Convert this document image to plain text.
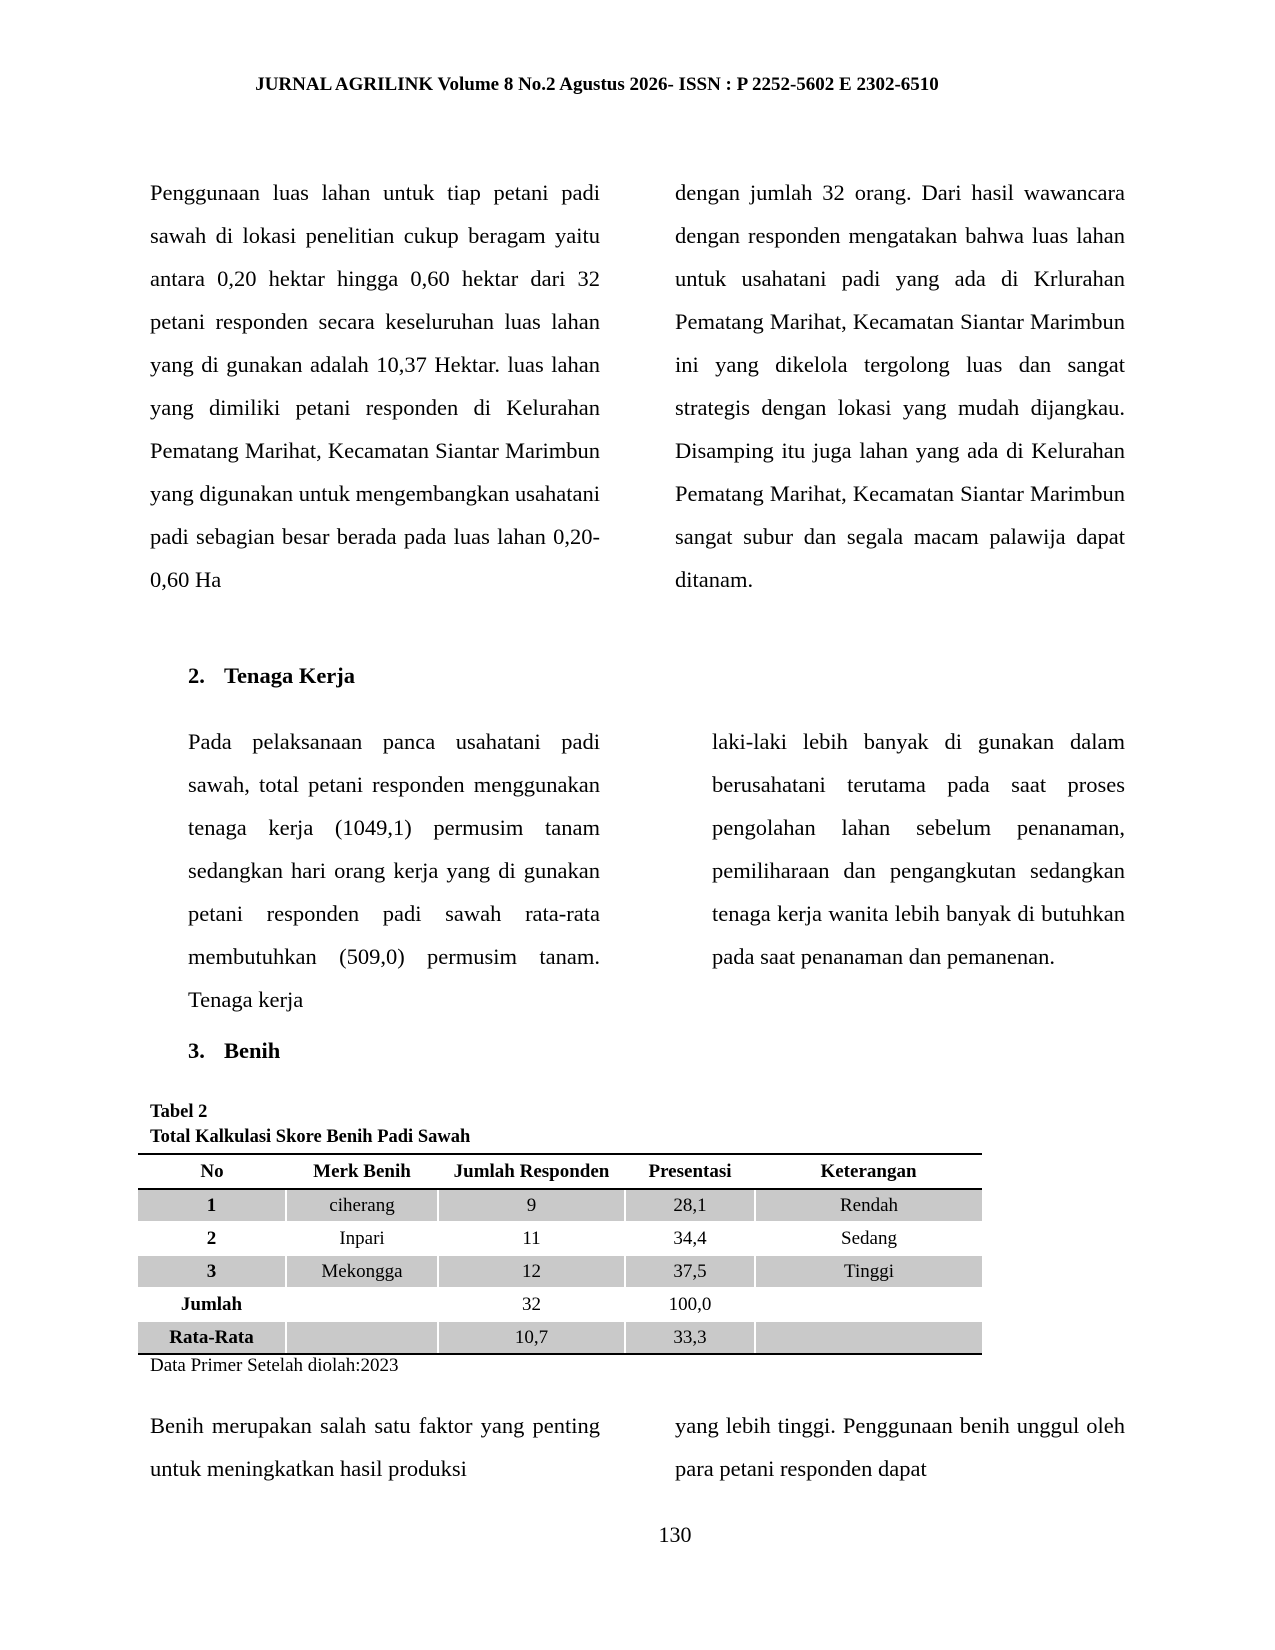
JURNAL AGRILINK Volume 8 No.2 Agustus 2026- ISSN : P 2252-5602 E 2302-6510

Penggunaan luas lahan untuk tiap petani padi sawah di lokasi penelitian cukup beragam yaitu antara 0,20 hektar hingga 0,60 hektar dari 32 petani responden secara keseluruhan luas lahan yang di gunakan adalah 10,37 Hektar. luas lahan yang dimiliki petani responden di Kelurahan Pematang Marihat, Kecamatan Siantar Marimbun yang digunakan untuk mengembangkan usahatani padi sebagian besar berada pada luas lahan 0,20-0,60 Ha

dengan jumlah 32 orang. Dari hasil wawancara dengan responden mengatakan bahwa luas lahan untuk usahatani padi yang ada di Krlurahan Pematang Marihat, Kecamatan Siantar Marimbun ini yang dikelola tergolong luas dan sangat strategis dengan lokasi yang mudah dijangkau. Disamping itu juga lahan yang ada di Kelurahan Pematang Marihat, Kecamatan Siantar Marimbun sangat subur dan segala macam palawija dapat ditanam.

2. Tenaga Kerja

Pada pelaksanaan panca usahatani padi sawah, total petani responden menggunakan tenaga kerja (1049,1) permusim tanam sedangkan hari orang kerja yang di gunakan petani responden padi sawah rata-rata membutuhkan (509,0) permusim tanam. Tenaga kerja

laki-laki lebih banyak di gunakan dalam berusahatani terutama pada saat proses pengolahan lahan sebelum penanaman, pemiliharaan dan pengangkutan sedangkan tenaga kerja wanita lebih banyak di butuhkan pada saat penanaman dan pemanenan.

3. Benih
Tabel 2
Total Kalkulasi Skore Benih Padi Sawah
No	Merk Benih	Jumlah Responden	Presentasi	Keterangan
1	ciherang	9	28,1	Rendah
2	Inpari	11	34,4	Sedang
3	Mekongga	12	37,5	Tinggi
Jumlah		32	100,0	
Rata-Rata		10,7	33,3	
Data Primer Setelah diolah:2023

Benih merupakan salah satu faktor yang penting untuk meningkatkan hasil produksi

yang lebih tinggi. Penggunaan benih unggul oleh para petani responden dapat

130
